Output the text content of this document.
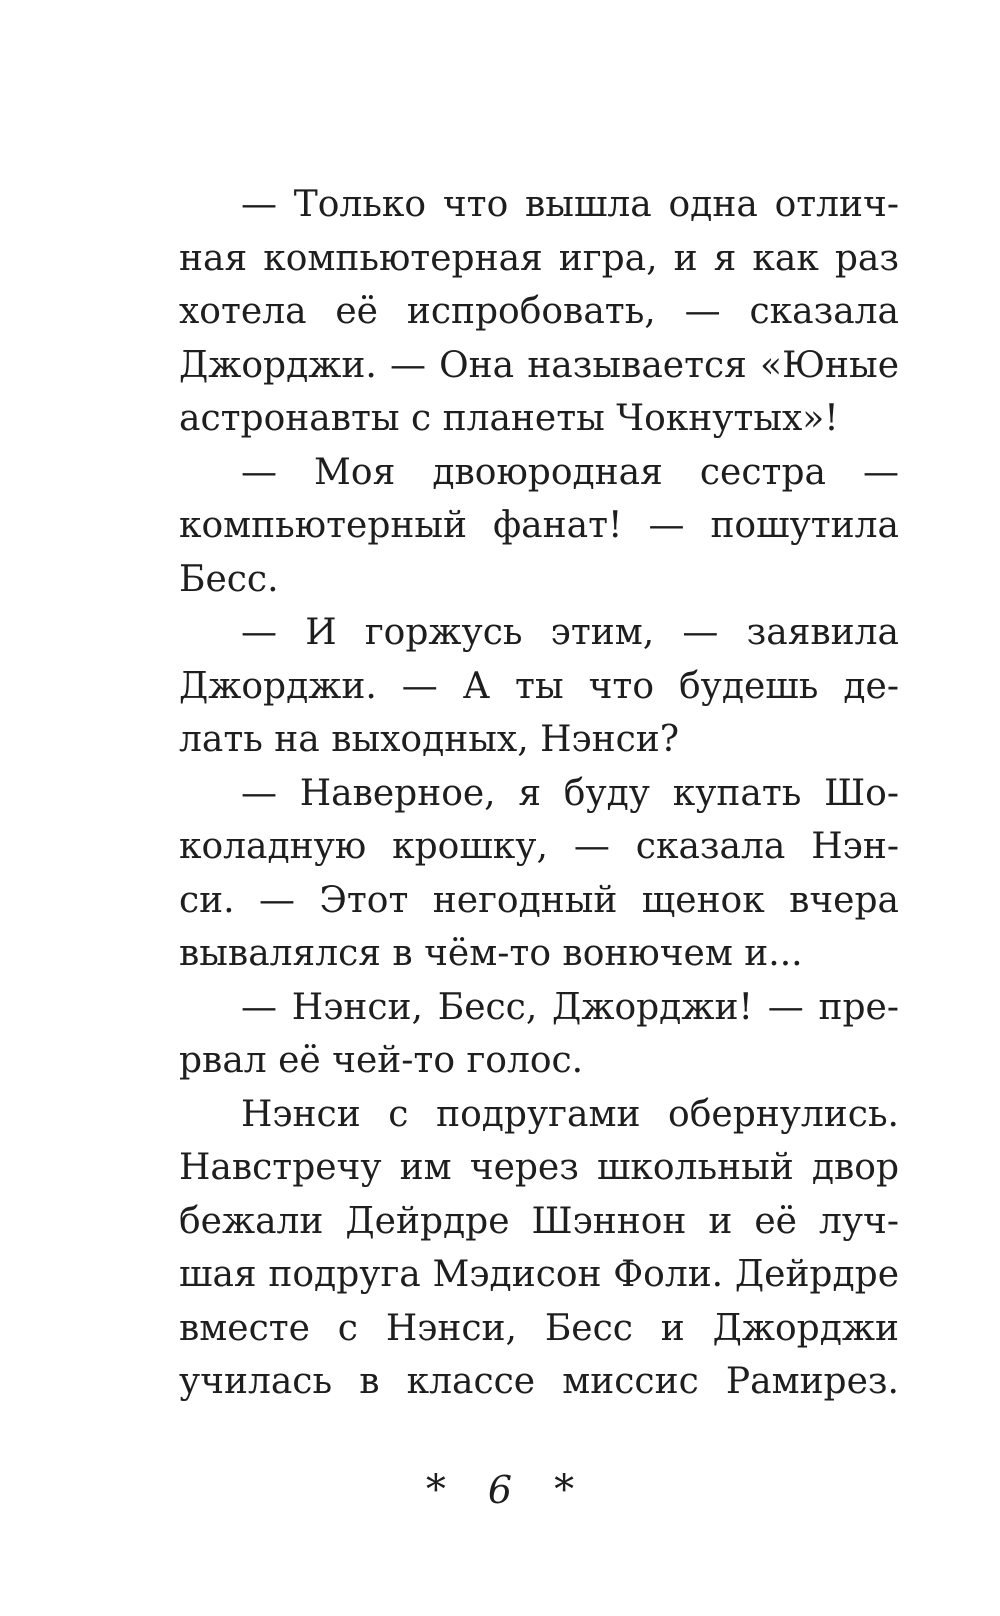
— Только что вышла одна отлич-
ная компьютерная игра, и я как раз
хотела её испробовать, — сказала
Джорджи. — Она называется «Юные
астронавты с планеты Чокнутых»!
— Моя двоюродная сестра —
компьютерный фанат! — пошутила
Бесс.
— И горжусь этим, — заявила
Джорджи. — А ты что будешь де-
лать на выходных, Нэнси?
— Наверное, я буду купать Шо-
коладную крошку, — сказала Нэн-
си. — Этот негодный щенок вчера
вывалялся в чём-то вонючем и...
— Нэнси, Бесс, Джорджи! — пре-
рвал её чей-то голос.
Нэнси с подругами обернулись.
Навстречу им через школьный двор
бежали Дейрдре Шэннон и её луч-
шая подруга Мэдисон Фоли. Дейрдре
вместе с Нэнси, Бесс и Джорджи
училась в классе миссис Рамирез.
* 6 *
